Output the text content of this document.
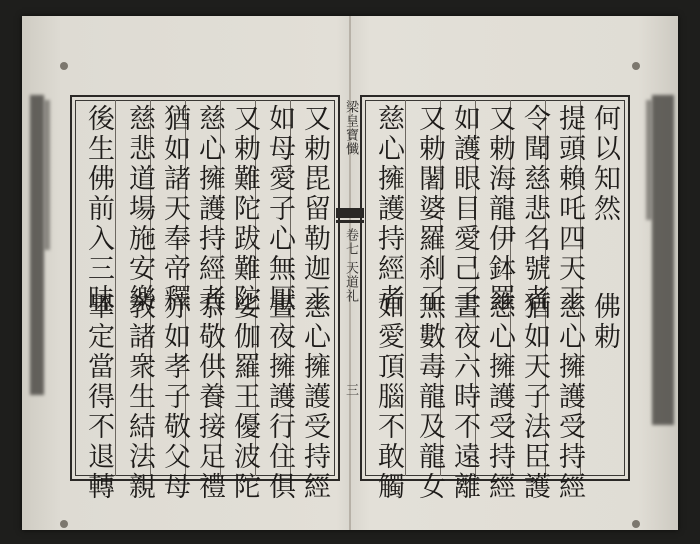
梁皇寶懺
卷七 天道礼
三
何以知然
提頭賴吒四天王
令聞慈悲名號者
又勅海龍伊鉢羅
如護眼目愛己子
又勅闍婆羅刹子
慈心擁護持經者
佛勅
慈心擁護受持經
猶如天子法臣護
慈心擁護受持經
晝夜六時不遠離
無數毒龍及龍女
如愛頂腦不敢觸
又勅毘留勒迦王
如母愛子心無厭
又勅難陀跋難陀
慈心擁護持經者
猶如諸天奉帝釋
慈悲道場施安樂
後生佛前入三昧
慈心擁護受持經
晝夜擁護行住俱
娑伽羅王優波陀
恭敬供養接足禮
亦如孝子敬父母
敎諸衆生結法親
畢定當得不退轉
